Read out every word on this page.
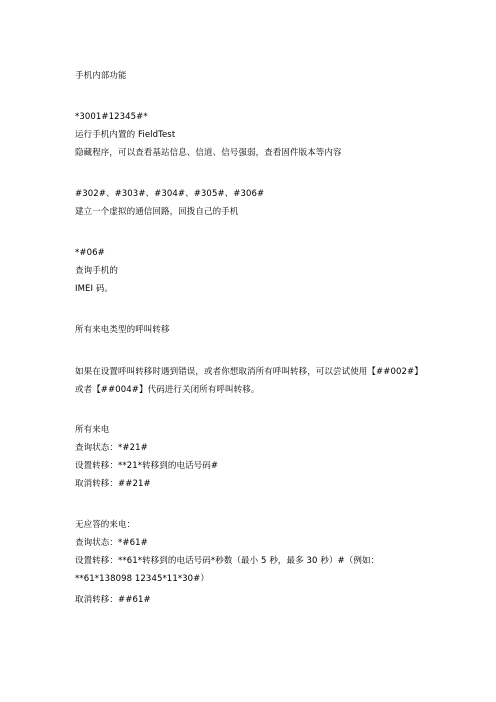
手机内部功能
*3001#12345#*
运行手机内置的 FieldTest
隐藏程序，可以查看基站信息、信道、信号强弱，查看固件版本等内容
#302#、#303#、#304#、#305#、#306#
建立一个虚拟的通信回路，回拨自己的手机
*#06#
查询手机的
IMEI 码。
所有来电类型的呼叫转移
如果在设置呼叫转移时遇到错误，或者你想取消所有呼叫转移，可以尝试使用【##002#】或者【##004#】代码进行关闭所有呼叫转移。
所有来电
查询状态：*#21#
设置转移：**21*转移到的电话号码#
取消转移：##21#
无应答的来电：
查询状态：*#61#
设置转移：**61*转移到的电话号码*秒数（最小 5 秒，最多 30 秒）#（例如：**61*138098 12345*11*30#）
取消转移：##61#
